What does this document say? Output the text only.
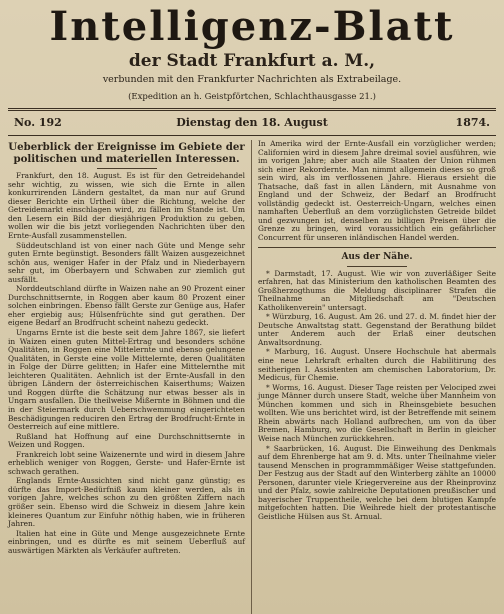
Intelligenz-Blatt
der Stadt Frankfurt a. M.,
verbunden mit den Frankfurter Nachrichten als Extrabeilage.
(Expedition an h. Geistpförtchen, Schlachthausgasse 21.)
Dienstag den 18. August
No. 192	1874.
Ueberblick der Ereignisse im Gebiete der politischen und materiellen Interessen.

Frankfurt, den 18. August. Es ist für den Getreidehandel sehr wichtig, zu wissen, wie sich die Ernte in allen konkurrirenden Ländern gestaltet, da man nur auf Grund dieser Berichte ein Urtheil über die Richtung, welche der Getreidemarkt einschlagen wird, zu fällen im Stande ist. Um den Lesern ein Bild der diesjährigen Produktion zu geben, wollen wir die bis jetzt vorliegenden Nachrichten über den Ernte-Ausfall zusammenstellen.

Süddeutschland ist von einer nach Güte und Menge sehr guten Ernte begünstigt. Besonders fällt Waizen ausgezeichnet schön aus, weniger Hafer in der Pfalz und in Niederbayern sehr gut, im Oberbayern und Schwaben zur ziemlich gut ausfällt.

Norddeutschland dürfte in Waizen nahe an 90 Prozent einer Durchschnittsernte, in Roggen aber kaum 80 Prozent einer solchen einbringen. Ebenso fällt Gerste zur Genüge aus, Hafer eher ergiebig aus; Hülsenfrüchte sind gut gerathen. Der eigene Bedarf an Brodfrucht scheint nahezu gedeckt.

Ungarns Ernte ist die beste seit dem Jahre 1867, sie liefert in Waizen einen guten Mittel-Ertrag und besonders schöne Qualitäten, in Roggen eine Mittelernte und ebenso gelungene Qualitäten, in Gerste eine volle Mittelernte, deren Qualitäten in Folge der Dürre gelitten; in Hafer eine Mittelernthe mit leichteren Qualitäten. Aehnlich ist der Ernte-Ausfall in den übrigen Ländern der österreichischen Kaiserthums; Waizen und Roggen dürfte die Schätzung nur etwas besser als in Ungarn ausfallen. Die theilweise Mißernte in Böhmen und die in der Steiermark durch Ueberschwemmung eingerichteten Beschädigungen reduciren den Ertrag der Brodfrucht-Ernte in Oesterreich auf eine mittlere.

Rußland hat Hoffnung auf eine Durchschnittsernte in Weizen und Roggen.

Frankreich lobt seine Waizenernte und wird in diesem Jahre erheblich weniger von Roggen, Gerste- und Hafer-Ernte ist schwach gerathen.

Englands Ernte-Aussichten sind nicht ganz günstig; es dürfte das Import-Bedürfniß kaum kleiner werden, als in vorigen Jahre, welches schon zu den größten Ziffern nach größer sein. Ebenso wird die Schweiz in diesem Jahre kein kleineres Quantum zur Einfuhr nöthig haben, wie in früheren Jahren.

Italien hat eine in Güte und Menge ausgezeichnete Ernte einbringen, und es dürfte es mit seinem Ueberfluß auf auswärtigen Märkten als Verkäufer auftreten.

In Amerika wird der Ernte-Ausfall ein vorzüglicher werden; Californien wird in diesem Jahre dreimal soviel ausführen, wie im vorigen Jahre; aber auch alle Staaten der Union rühmen sich einer Rekordernte. Man nimmt allgemein dieses so groß sein wird, als im verflossenen Jahre. Hieraus ersieht die Thatsache, daß fast in allen Ländern, mit Ausnahme von England und der Schweiz, der Bedarf an Brodfrucht vollständig gedeckt ist. Oesterreich-Ungarn, welches einen namhaften Ueberfluß an dem vorzüglichsten Getreide bildet und gezwungen ist, denselben zu billigen Preisen über die Grenze zu bringen, wird voraussichtlich ein gefährlicher Concurrent für unseren inländischen Handel werden.

Aus der Nähe.

* Darmstadt, 17. August. Wie wir von zuverläßiger Seite erfahren, hat das Ministerium den katholischen Beamten des Großherzogthums die Meldung disciplinarer Strafen die Theilnahme an Mitgliedschaft am "Deutschen Katholikenverein" untersagt.

* Würzburg, 16. August. Am 26. und 27. d. M. findet hier der Deutsche Anwaltstag statt. Gegenstand der Berathung bildet unter Anderem auch der Erlaß einer deutschen Anwaltsordnung.

* Marburg, 16. August. Unsere Hochschule hat abermals eine neue Lehrkraft erhalten durch die Habilitirung des seitherigen I. Assistenten am chemischen Laboratorium, Dr. Medicus, für Chemie.

* Worms, 16. August. Dieser Tage reisten per Velociped zwei junge Männer durch unsere Stadt, welche über Mannheim von München kommen und sich in Rheinsgebiete besuchen wollten. Wie uns berichtet wird, ist der Betreffende mit seinem Rhein abwärts nach Holland aufbrechen, um von da über Bremen, Hamburg, wo die Gesellschaft in Berlin in gleicher Weise nach München zurückkehren.

* Saarbrücken, 16. August. Die Einweihung des Denkmals auf dem Ehrenberge hat am 9. d. Mts. unter Theilnahme vieler tausend Menschen in programmmäßiger Weise stattgefunden. Der Festzug aus der Stadt auf den Winterberg zählte an 10000 Personen, darunter viele Kriegervereine aus der Rheinprovinz und der Pfalz, sowie zahlreiche Deputationen preußischer und bayerischer Truppentheile, welche bei dem blutigen Kampfe mitgefochten hatten. Die Weihrede hielt der protestantische Geistliche Hülsen aus St. Arnual.
